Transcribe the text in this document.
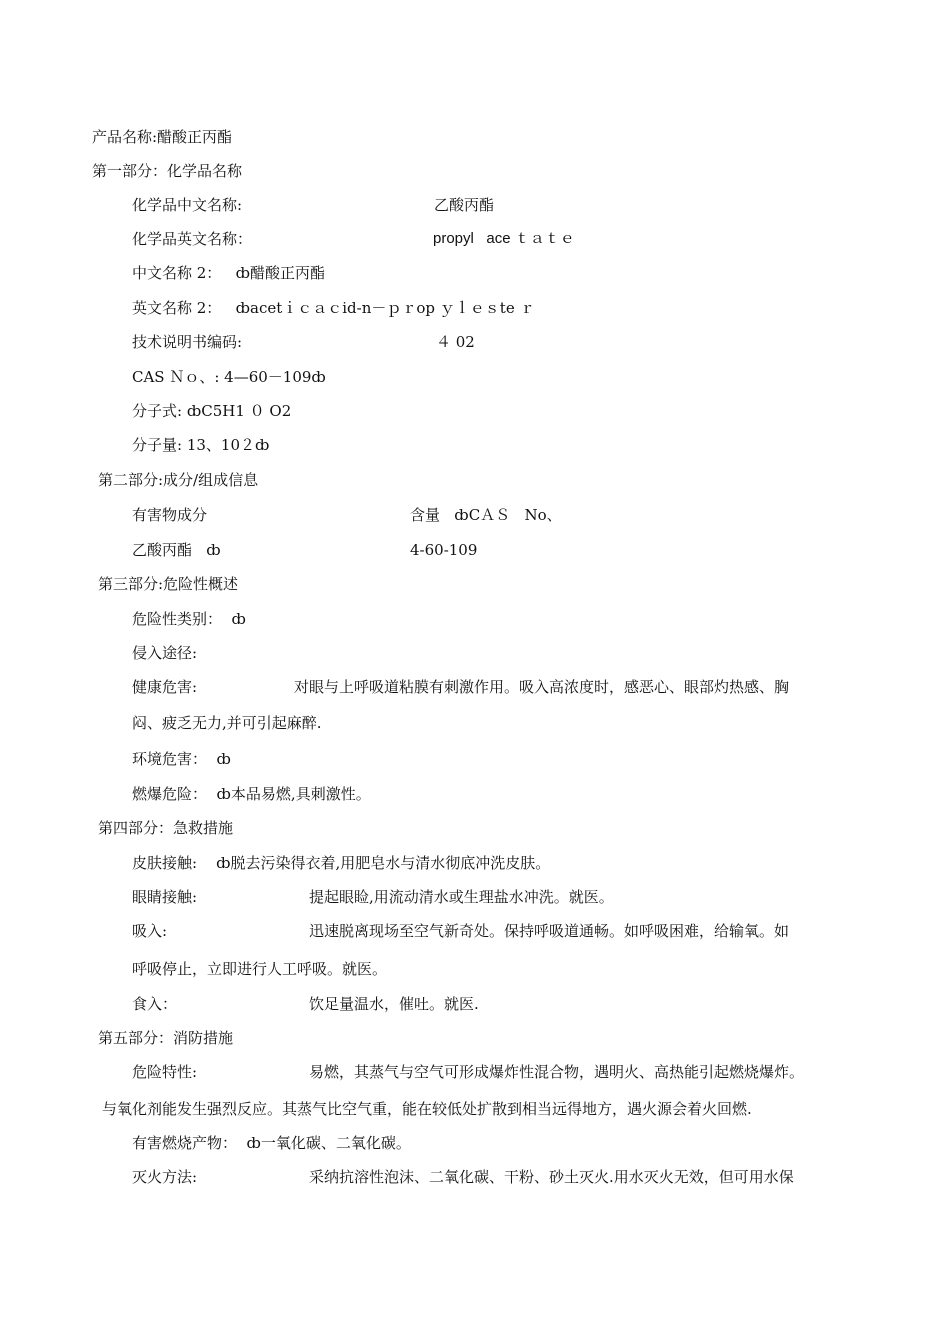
产品名称:醋酸正丙酯
第一部分：化学品名称
化学品中文名称:	乙酸丙酯
化学品英文名称：	propyl   ace ｔａｔｅ
中文名称 2：   ȸ醋酸正丙酯
英文名称 2：   ȸacetｉｃａｃid-n－ｐｒop ｙｌｅｓte ｒ
技术说明书编码:	４ 02
CAS Ｎｏ、: 4—60－109ȸ
分子式: ȸC5H1 ０ O2
分子量: 13、10２ȸ
第二部分:成分/组成信息
有害物成分	含量   ȸCＡＳ   No、
乙酸丙酯   ȸ	4-60-109
第三部分:危险性概述
危险性类别：  ȸ
侵入途径:
健康危害:	对眼与上呼吸道粘膜有刺激作用。吸入高浓度时，感恶心、眼部灼热感、胸
闷、疲乏无力,并可引起麻醉.
环境危害：  ȸ
燃爆危险：  ȸ本品易燃,具刺激性。
第四部分：急救措施
皮肤接触:    ȸ脱去污染得衣着,用肥皂水与清水彻底冲洗皮肤。
眼睛接触:	提起眼睑,用流动清水或生理盐水冲洗。就医。
吸入:	迅速脱离现场至空气新奇处。保持呼吸道通畅。如呼吸困难，给输氧。如
呼吸停止，立即进行人工呼吸。就医。
食入：	饮足量温水，催吐。就医.
第五部分：消防措施
危险特性:	易燃，其蒸气与空气可形成爆炸性混合物，遇明火、高热能引起燃烧爆炸。
与氧化剂能发生强烈反应。其蒸气比空气重，能在较低处扩散到相当远得地方，遇火源会着火回燃.
有害燃烧产物：  ȸ一氧化碳、二氧化碳。
灭火方法:	采纳抗溶性泡沫、二氧化碳、干粉、砂土灭火.用水灭火无效，但可用水保
